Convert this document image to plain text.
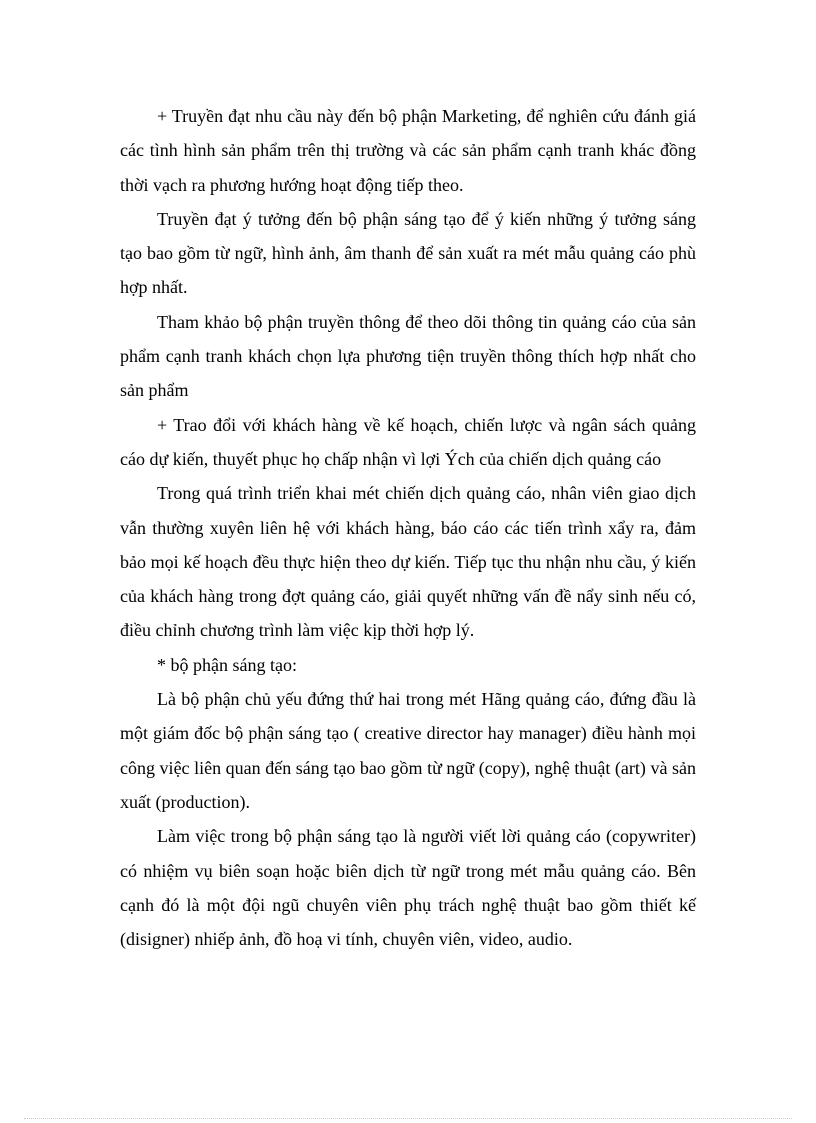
+ Truyền đạt nhu cầu này đến bộ phận Marketing, để nghiên cứu đánh giá các tình hình sản phẩm trên thị trường và các sản phẩm cạnh tranh khác đồng thời vạch ra phương hướng hoạt động tiếp theo.

Truyền đạt ý tưởng đến bộ phận sáng tạo để ý kiến những ý tưởng sáng tạo bao gồm từ ngữ, hình ảnh, âm thanh để sản xuất ra mét mẫu quảng cáo phù hợp nhất.

Tham khảo bộ phận truyền thông để theo dõi thông tin quảng cáo của sản phẩm cạnh tranh khách chọn lựa phương tiện truyền thông thích hợp nhất cho sản phẩm

+ Trao đổi với khách hàng về kế hoạch, chiến lược và ngân sách quảng cáo dự kiến, thuyết phục họ chấp nhận vì lợi Ých của chiến dịch quảng cáo

Trong quá trình triển khai mét chiến dịch quảng cáo, nhân viên giao dịch vẫn thường xuyên liên hệ với khách hàng, báo cáo các tiến trình xẩy ra, đảm bảo mọi kế hoạch đều thực hiện theo dự kiến. Tiếp tục thu nhận nhu cầu, ý kiến của khách hàng trong đợt quảng cáo, giải quyết những vấn đề nẩy sinh nếu có, điều chỉnh chương trình làm việc kịp thời hợp lý.

* bộ phận sáng tạo:

Là bộ phận chủ yếu đứng thứ hai trong mét Hãng quảng cáo, đứng đầu là một giám đốc bộ phận sáng tạo ( creative director hay manager) điều hành mọi công việc liên quan đến sáng tạo bao gồm từ ngữ (copy), nghệ thuật (art) và sản xuất (production).

Làm việc trong bộ phận sáng tạo là người viết lời quảng cáo (copywriter) có nhiệm vụ biên soạn hoặc biên dịch từ ngữ trong mét mẫu quảng cáo. Bên cạnh đó là một đội ngũ chuyên viên phụ trách nghệ thuật bao gồm thiết kế (disigner) nhiếp ảnh, đồ hoạ vi tính, chuyên viên, video, audio.
